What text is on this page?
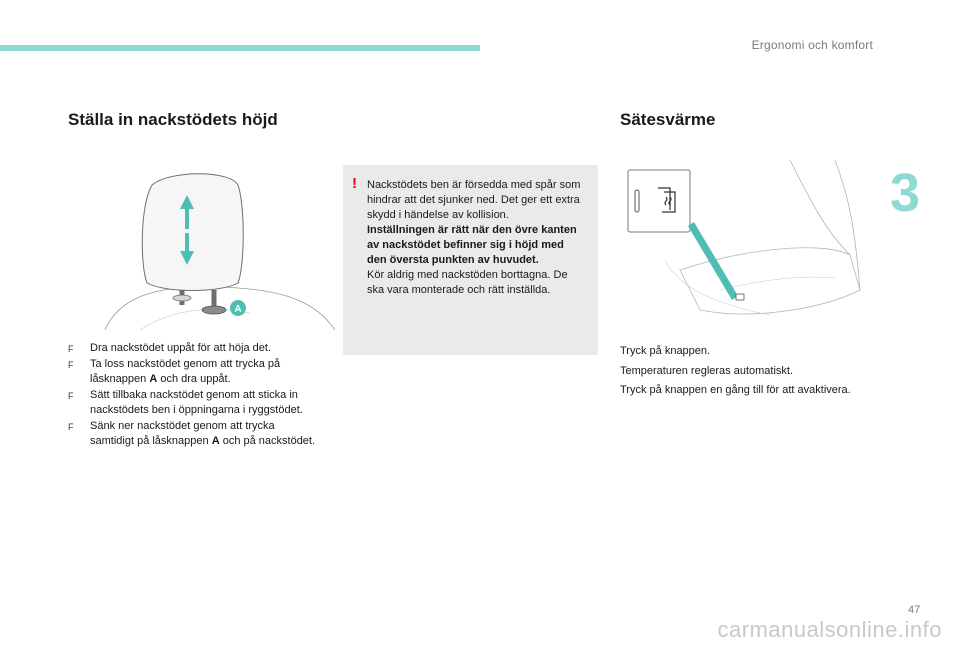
Ergonomi och komfort
3
Ställa in nackstödets höjd	Sätesvärme
A
F Dra nackstödet uppåt för att höja det.
F Ta loss nackstödet genom att trycka på låsknappen A och dra uppåt.
F Sätt tillbaka nackstödet genom att sticka in nackstödets ben i öppningarna i ryggstödet.
F Sänk ner nackstödet genom att trycka samtidigt på låsknappen A och på nackstödet.
! Nackstödets ben är försedda med spår som hindrar att det sjunker ned. Det ger ett extra skydd i händelse av kollision.

Inställningen är rätt när den övre kanten av nackstödet befinner sig i höjd med den översta punkten av huvudet.

Kör aldrig med nackstöden borttagna. De ska vara monterade och rätt inställda.

Tryck på knappen.

Temperaturen regleras automatiskt.

Tryck på knappen en gång till för att avaktivera.

47
carmanualsonline.info
